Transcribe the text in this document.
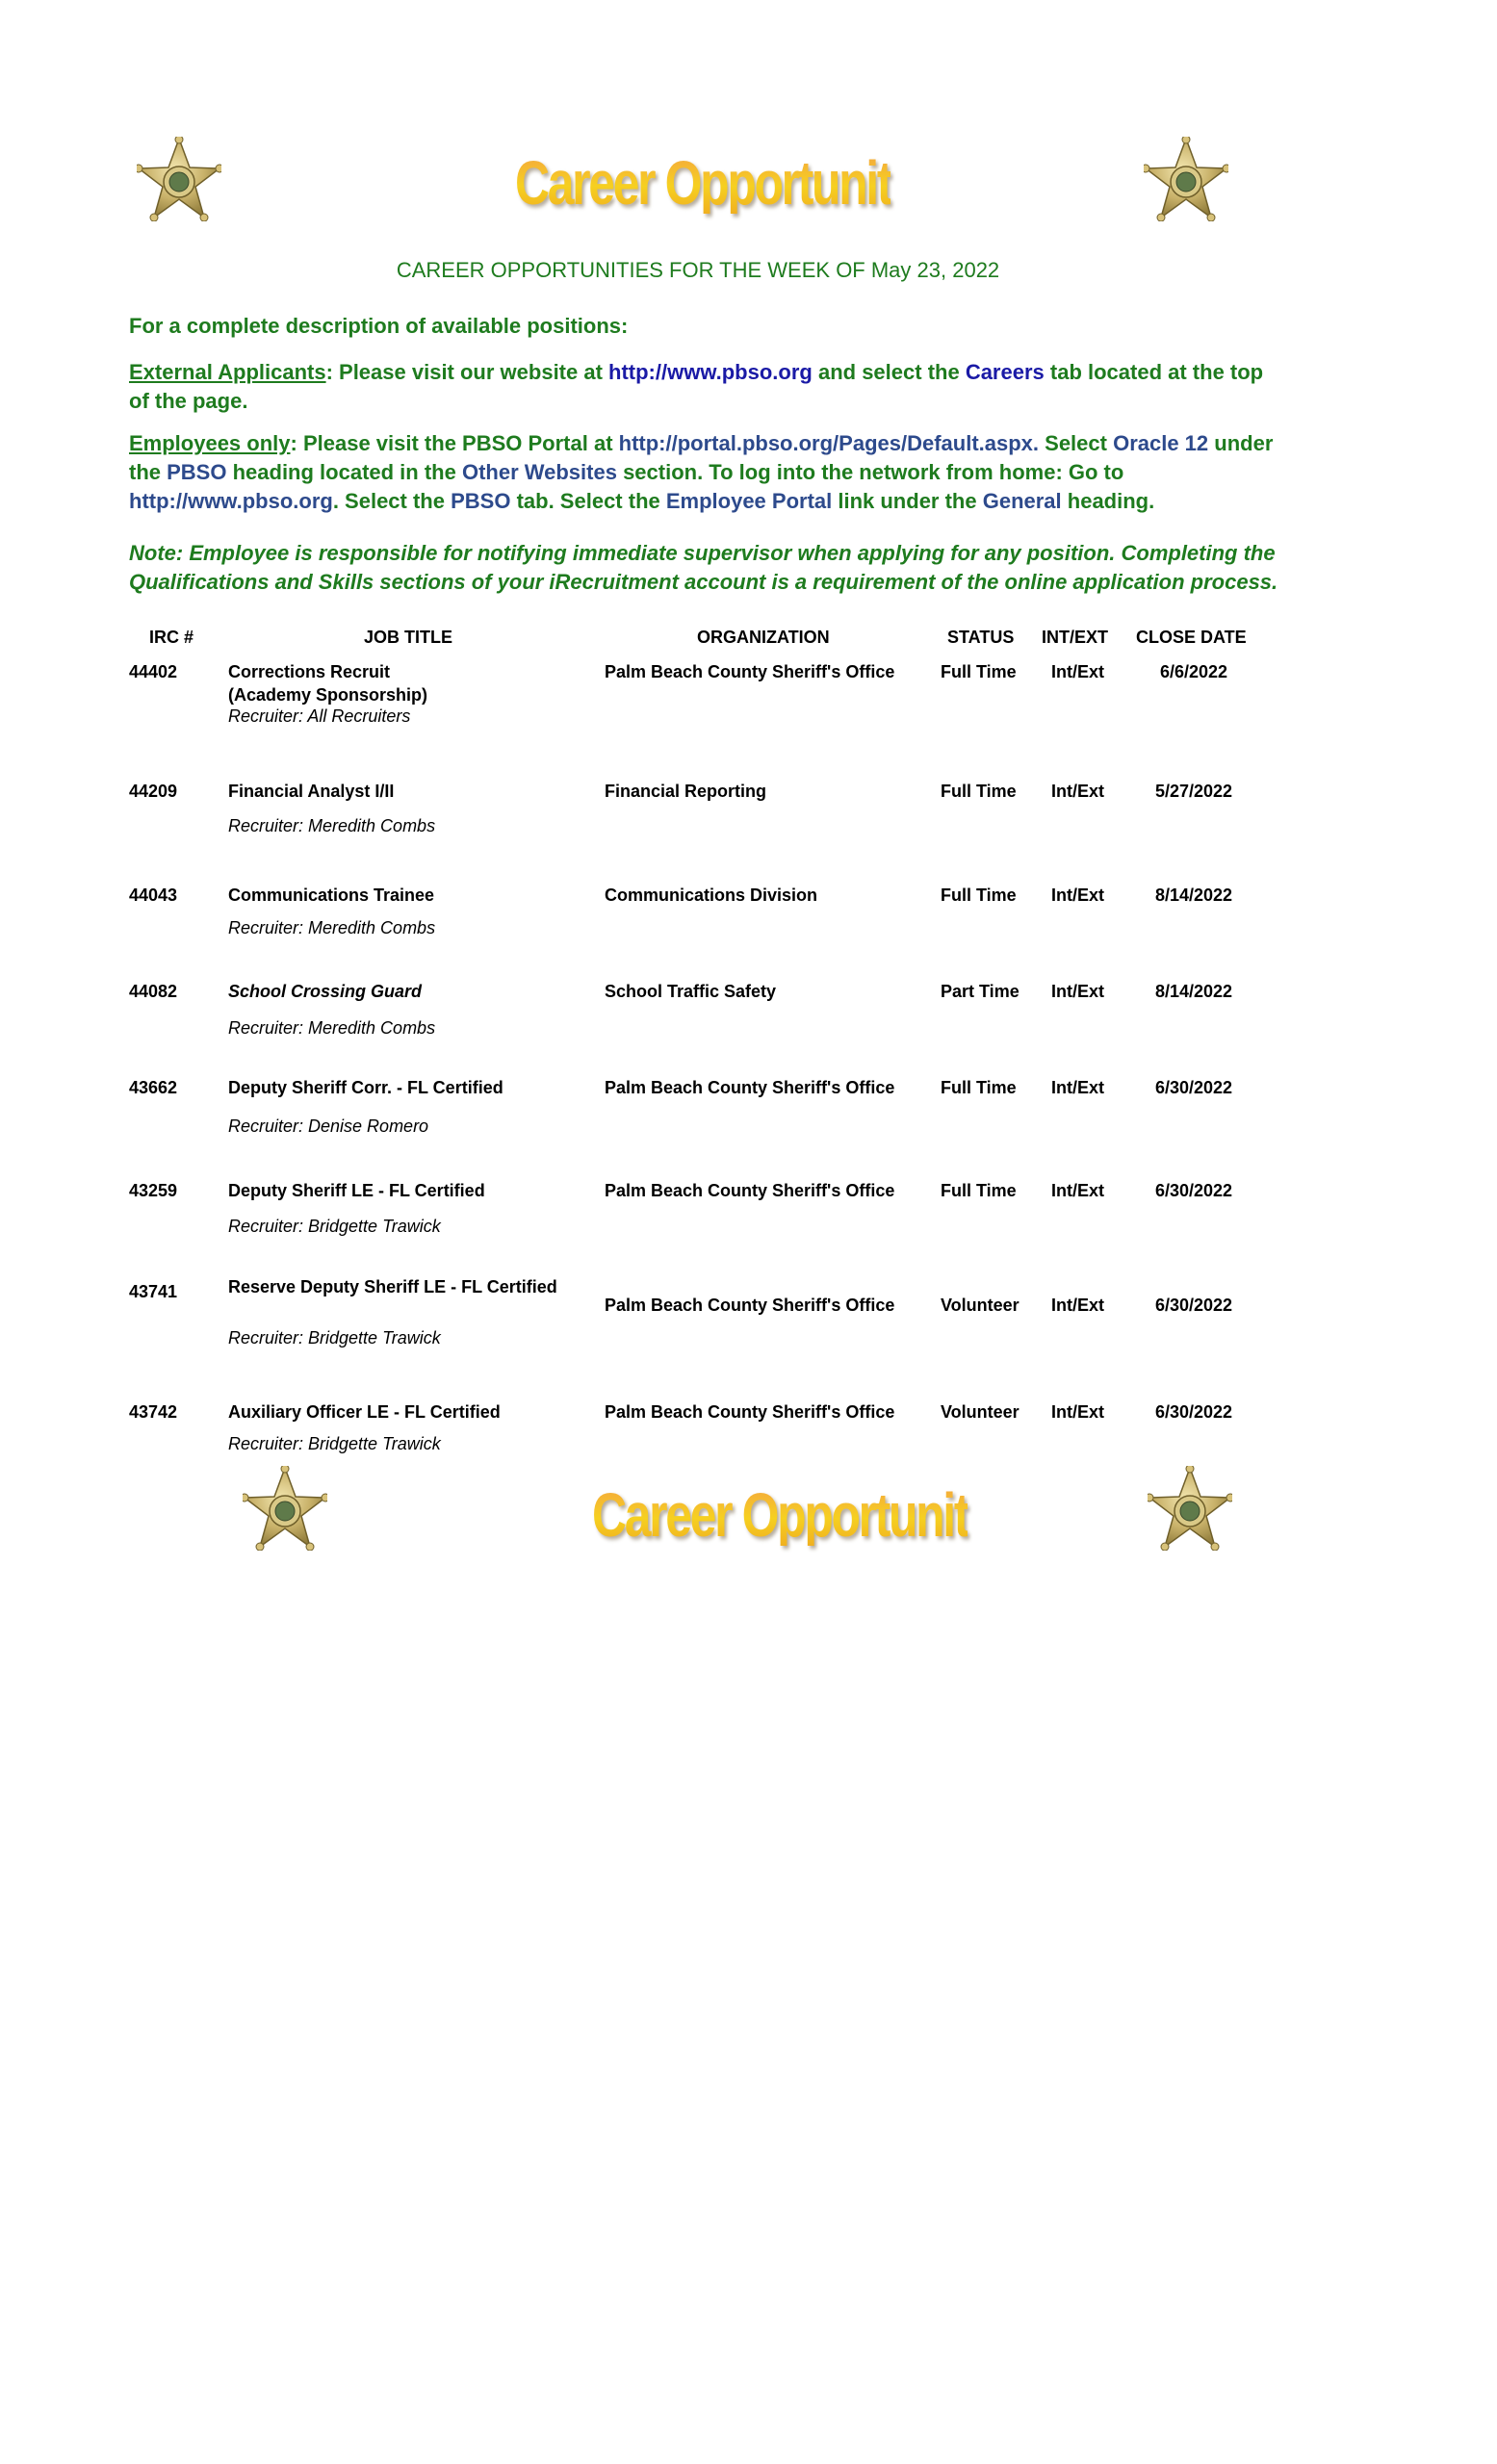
Career Opportunities
CAREER OPPORTUNITIES FOR THE WEEK OF May 23, 2022
For a complete description of available positions:
External Applicants: Please visit our website at http://www.pbso.org and select the Careers tab located at the top of the page.
Employees only: Please visit the PBSO Portal at http://portal.pbso.org/Pages/Default.aspx. Select Oracle 12 under the PBSO heading located in the Other Websites section. To log into the network from home: Go to http://www.pbso.org. Select the PBSO tab. Select the Employee Portal link under the General heading.
Note: Employee is responsible for notifying immediate supervisor when applying for any position. Completing the Qualifications and Skills sections of your iRecruitment account is a requirement of the online application process.
IRC #	JOB TITLE	ORGANIZATION	STATUS INT/EXT CLOSE DATE
44402	Corrections Recruit
(Academy Sponsorship)
Palm Beach County Sheriff's Office	Full Time Int/Ext	6/6/2022
Recruiter: All Recruiters
44209	Financial Analyst I/II	Financial Reporting	Full Time Int/Ext	5/27/2022
Recruiter: Meredith Combs
44043	Communications Trainee	Communications Division	Full Time Int/Ext	8/14/2022
Recruiter: Meredith Combs
44082	School Crossing Guard	School Traffic Safety	Part Time Int/Ext	8/14/2022
Recruiter: Meredith Combs
43662	Deputy Sheriff Corr. - FL Certified	Palm Beach County Sheriff's Office	Full Time Int/Ext	6/30/2022
Recruiter: Denise Romero
43259	Deputy Sheriff LE - FL Certified	Palm Beach County Sheriff's Office	Full Time Int/Ext	6/30/2022
Recruiter: Bridgette Trawick
43741	Reserve Deputy Sheriff LE - FL Certified
Palm Beach County Sheriff's Office	Volunteer Int/Ext	6/30/2022
Recruiter: Bridgette Trawick
43742	Auxiliary Officer LE - FL Certified	Palm Beach County Sheriff's Office	Volunteer Int/Ext	6/30/2022
Recruiter: Bridgette Trawick
Career Opportunities
